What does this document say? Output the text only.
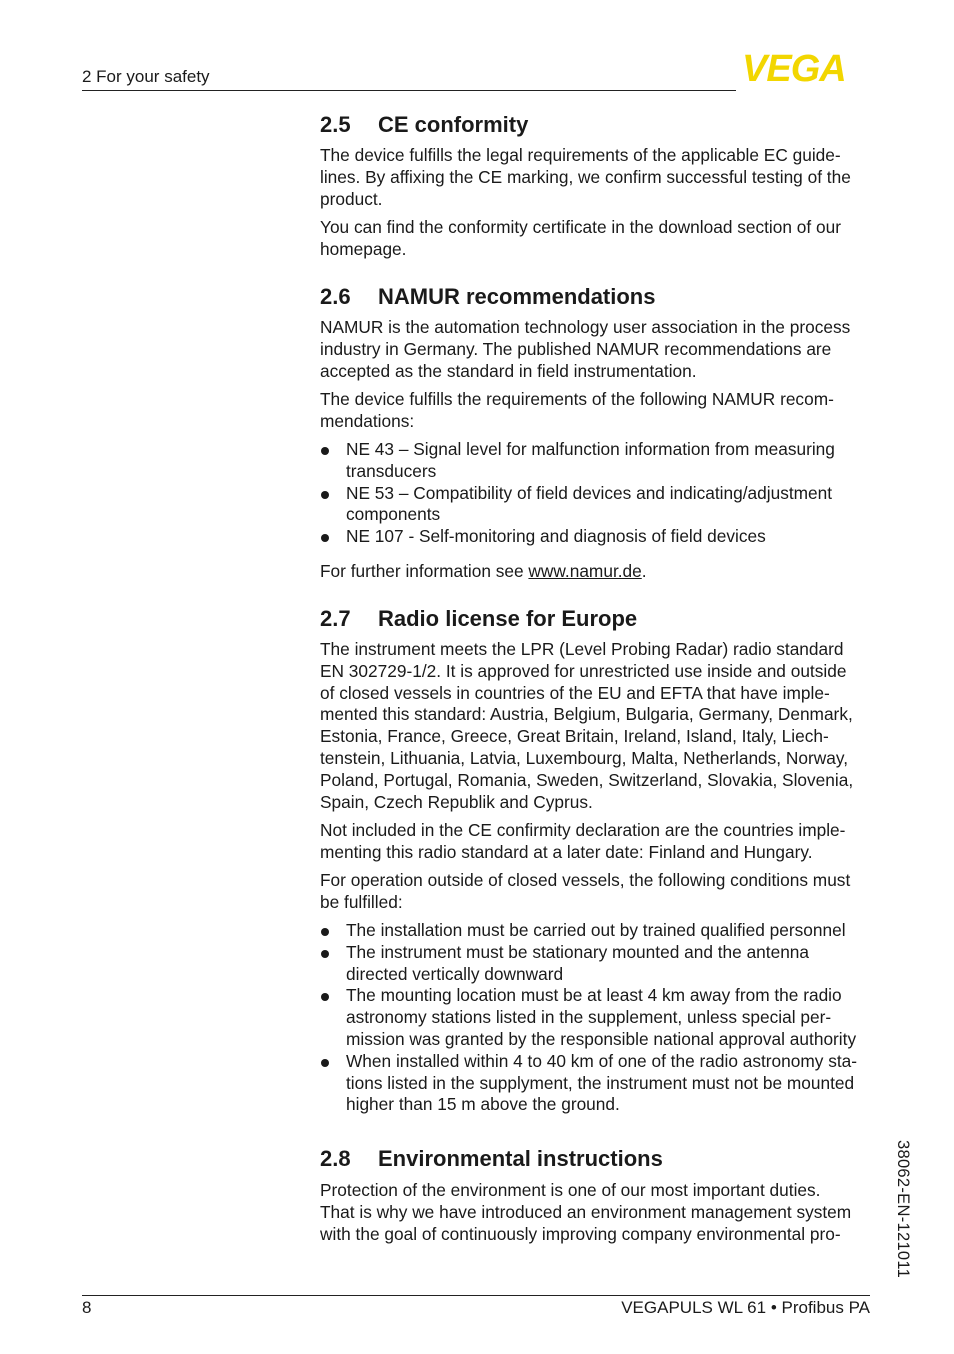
2 For your safety	VEGA
2.5 CE conformity

The device fulfills the legal requirements of the applicable EC guide-
lines. By affixing the CE marking, we confirm successful testing of the
product.

You can find the conformity certificate in the download section of our
homepage.

2.6 NAMUR recommendations

NAMUR is the automation technology user association in the process
industry in Germany. The published NAMUR recommendations are
accepted as the standard in field instrumentation.

The device fulfills the requirements of the following NAMUR recom-
mendations:

NE 43 – Signal level for malfunction information from measuring
transducers
NE 53 – Compatibility of field devices and indicating/adjustment
components
NE 107 - Self-monitoring and diagnosis of field devices

For further information see www.namur.de.

2.7 Radio license for Europe

The instrument meets the LPR (Level Probing Radar) radio standard
EN 302729-1/2. It is approved for unrestricted use inside and outside
of closed vessels in countries of the EU and EFTA that have imple-
mented this standard: Austria, Belgium, Bulgaria, Germany, Denmark,
Estonia, France, Greece, Great Britain, Ireland, Island, Italy, Liech-
tenstein, Lithuania, Latvia, Luxembourg, Malta, Netherlands, Norway,
Poland, Portugal, Romania, Sweden, Switzerland, Slovakia, Slovenia,
Spain, Czech Republik and Cyprus.

Not included in the CE confirmity declaration are the countries imple-
menting this radio standard at a later date: Finland and Hungary.

For operation outside of closed vessels, the following conditions must
be fulfilled:

The installation must be carried out by trained qualified personnel
The instrument must be stationary mounted and the antenna
directed vertically downward
The mounting location must be at least 4 km away from the radio
astronomy stations listed in the supplement, unless special per-
mission was granted by the responsible national approval authority
When installed within 4 to 40 km of one of the radio astronomy sta-
tions listed in the supplyment, the instrument must not be mounted
higher than 15 m above the ground.
2.8 Environmental instructions

Protection of the environment is one of our most important duties.
That is why we have introduced an environment management system
with the goal of continuously improving company environmental pro-	38062-EN-121011
8	VEGAPULS WL 61 • Profibus PA
